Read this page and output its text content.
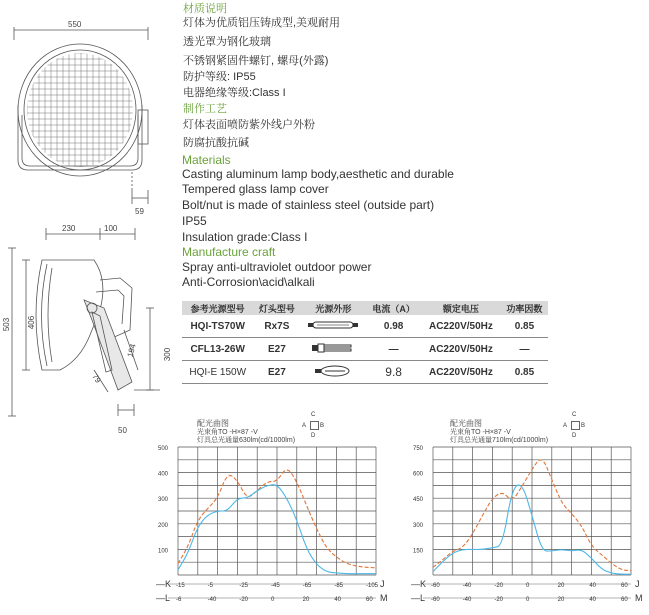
550
59
230	100
503 406
194
79
300
50
材质说明
灯体为优质铝压铸成型,美观耐用
透光罩为钢化玻璃
不锈钢紧固件螺钉, 螺母(外露)
防护等级: IP55
电器绝缘等级:Class I
制作工艺
灯体表面喷防紫外线户外粉
防腐抗酸抗碱
Materials
Casting aluminum lamp body,aesthetic and durable
Tempered glass lamp cover
Bolt/nut is made of stainless steel (outside part)
IP55
Insulation grade:Class I
Manufacture craft
Spray anti-ultraviolet outdoor power
Anti-Corrosion\acid\alkali
参考光源型号	灯头型号	光源外形	电流（A）	额定电压	功率因数
HQI-TS70W	Rx7S		0.98	AC220V/50Hz	0.85
CFL13-26W	E27		—	AC220V/50Hz	—
HQI-E 150W	E27		9.8	AC220V/50Hz	0.85
配光曲图
光束角TO -H×87 -V
灯具总光通量630lm(cd/1000lm)
C
A B
D
500
400
300
200
100
—K
—L
J
M
-15	-5	-25	-45	-65	-85	-105
-6	-40	-20	0	20	40	60
配光曲图
光束角TO -H×87 -V
灯具总光通量710lm(cd/1000lm)
C
A B
D
750
600
450
300
150
—K
—L
J
M
-60	-40	-20	0	20	40	60
-60	-40	-20	0	20	40	60
